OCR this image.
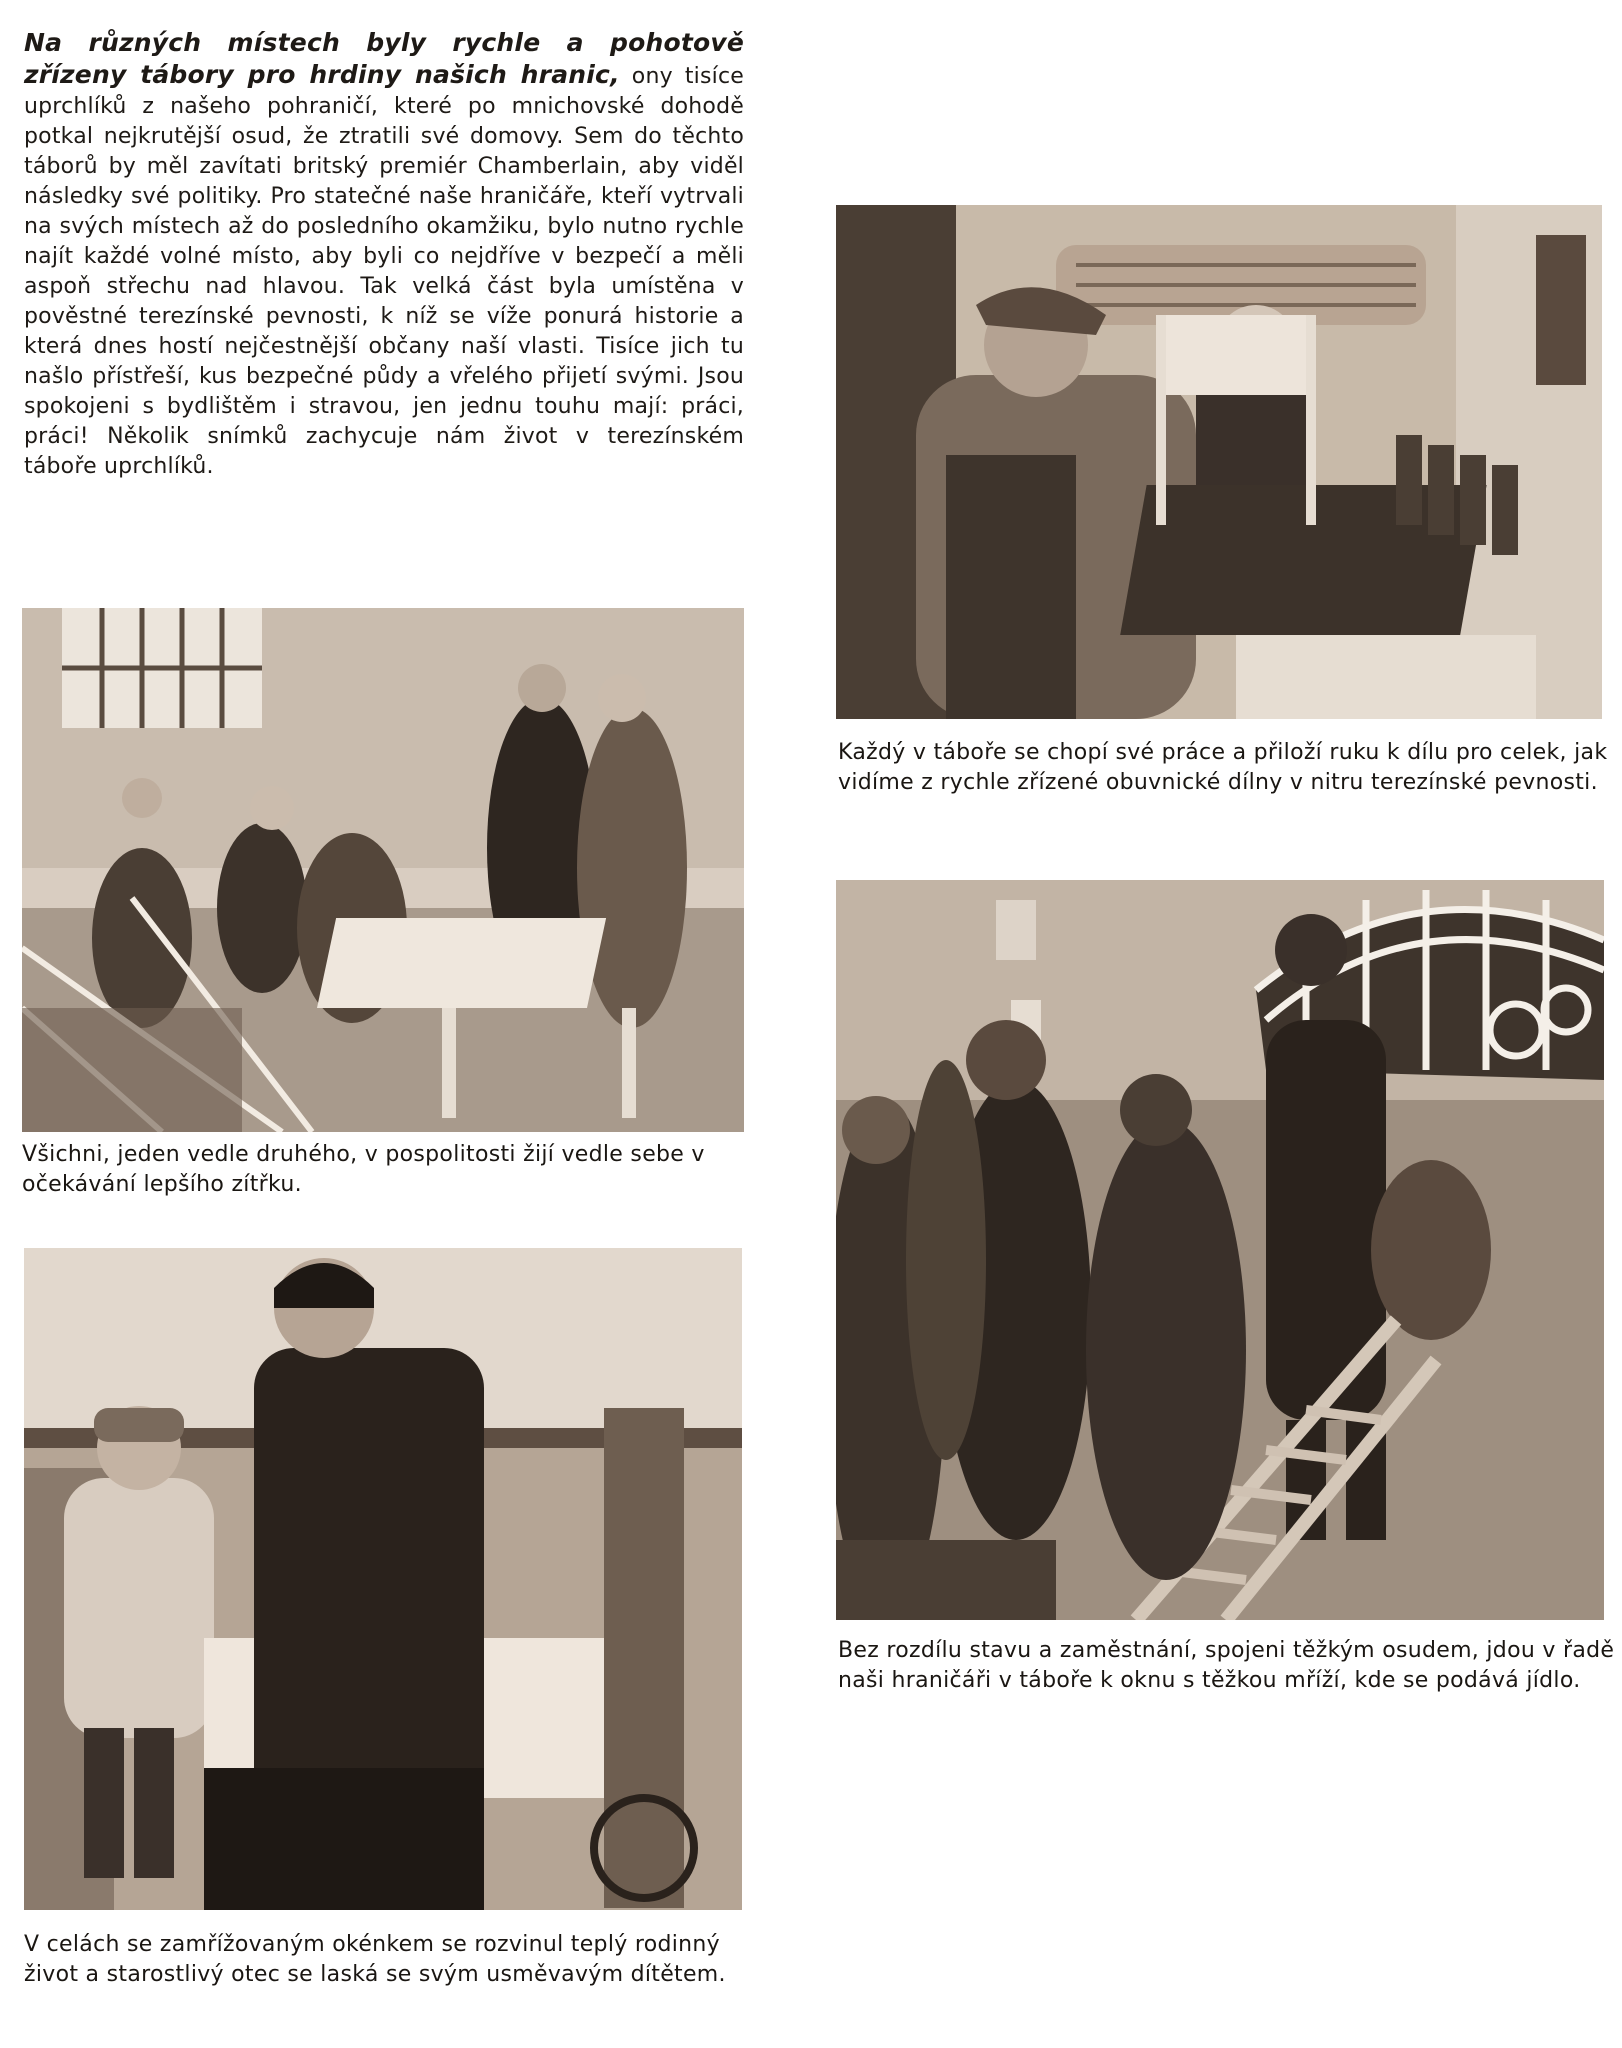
Na různých místech byly rychle a pohotově zřízeny tábory pro hrdiny našich hranic, ony tisíce uprchlíků z našeho pohraničí, které po mnichovské dohodě potkal nejkrutější osud, že ztratili své domovy. Sem do těchto táborů by měl zavítati britský premiér Chamberlain, aby viděl následky své politiky. Pro statečné naše hraničáře, kteří vytrvali na svých místech až do posledního okamžiku, bylo nutno rychle najít každé volné místo, aby byli co nejdříve v bezpečí a měli aspoň střechu nad hlavou. Tak velká část byla umístěna v pověstné terezínské pevnosti, k níž se víže ponurá historie a která dnes hostí nejčestnější občany naší vlasti. Tisíce jich tu našlo přístřeší, kus bezpečné půdy a vřelého přijetí svými. Jsou spokojeni s bydlištěm i stravou, jen jednu touhu mají: práci, práci! Několik snímků zachycuje nám život v terezínském táboře uprchlíků.
Všichni, jeden vedle druhého, v pospolitosti žijí vedle sebe v očekávání lepšího zítřku.
V celách se zamřížovaným okénkem se rozvinul teplý rodinný život a starostlivý otec se laská se svým usměvavým dítětem.
Každý v táboře se chopí své práce a přiloží ruku k dílu pro celek, jak vidíme z rychle zřízené obuvnické dílny v nitru terezínské pevnosti.
Bez rozdílu stavu a zaměstnání, spojeni těžkým osudem, jdou v řadě naši hraničáři v táboře k oknu s těžkou mříží, kde se podává jídlo.
